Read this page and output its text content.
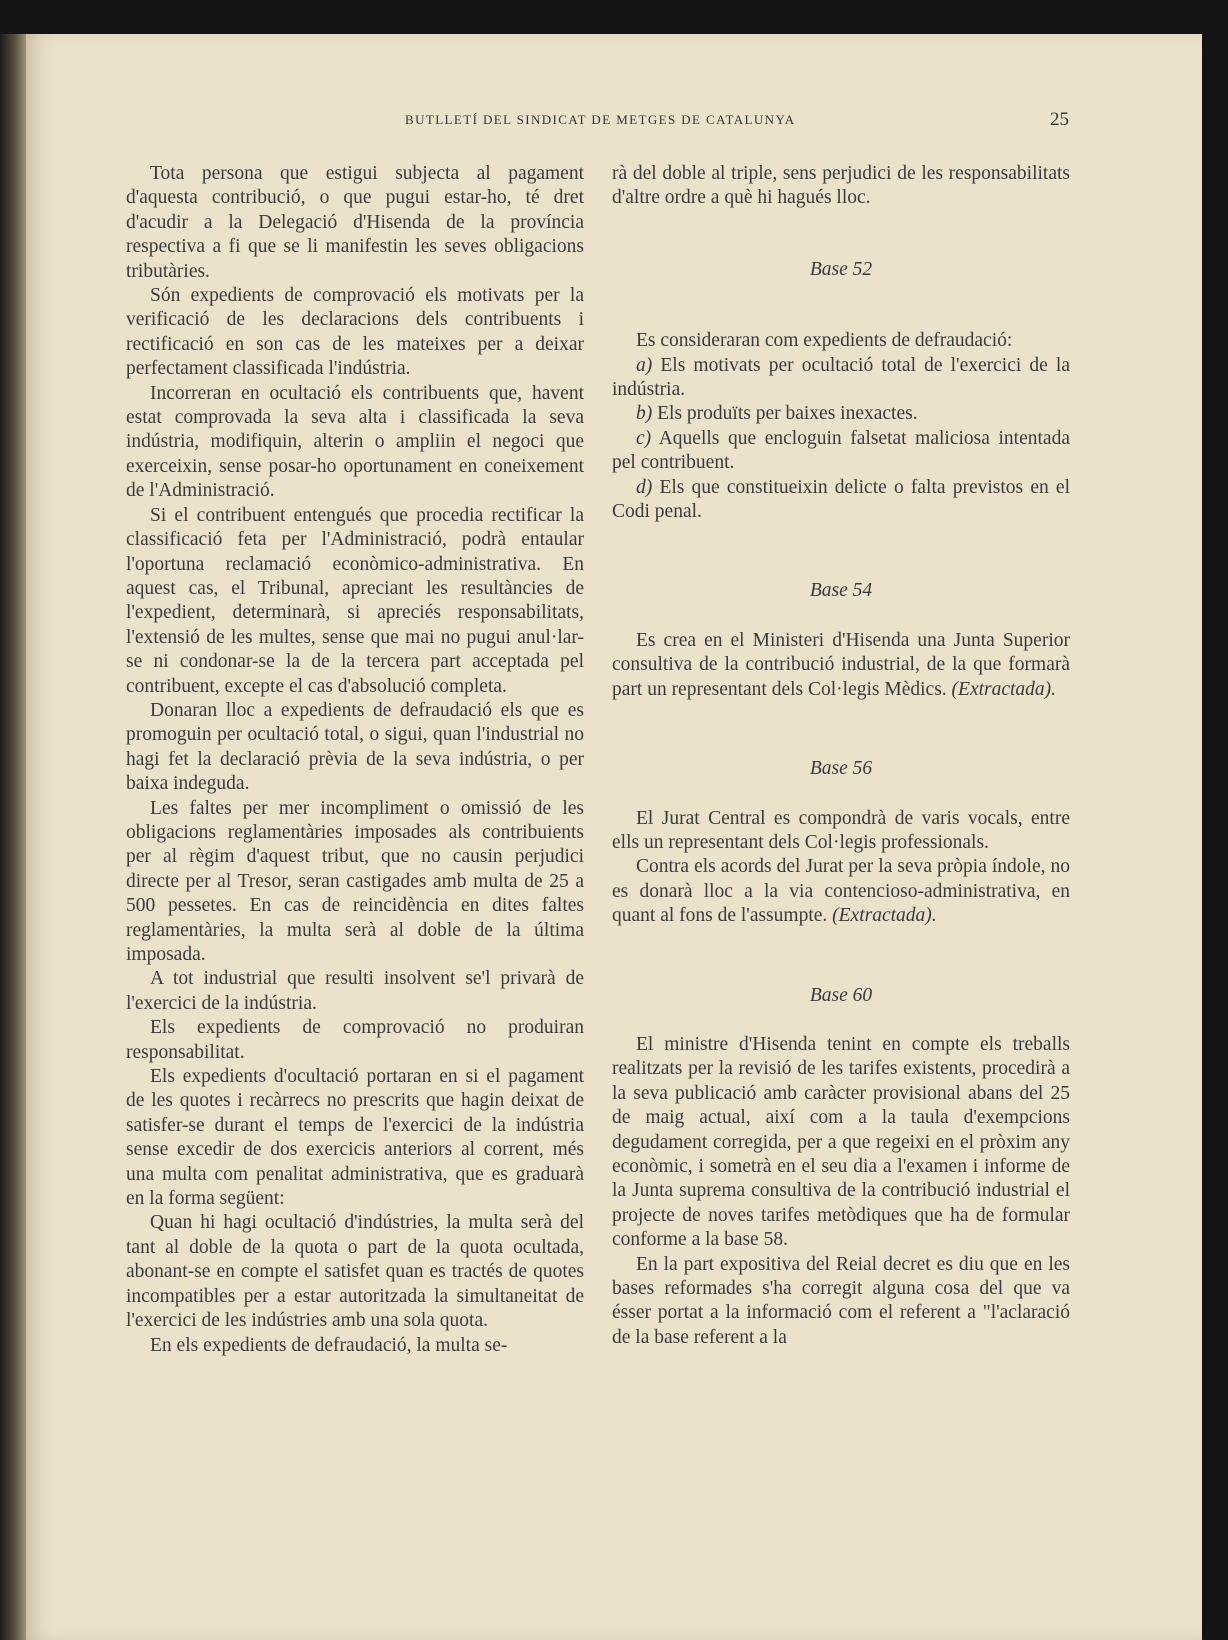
BUTLLETÍ DEL SINDICAT DE METGES DE CATALUNYA	25

Tota persona que estigui subjecta al pagament d'aquesta contribució, o que pugui estar-ho, té dret d'acudir a la Delegació d'Hisenda de la província respectiva a fi que se li manifestin les seves obligacions tributàries.

Són expedients de comprovació els motivats per la verificació de les declaracions dels contribuents i rectificació en son cas de les mateixes per a deixar perfectament classificada l'indústria.

Incorreran en ocultació els contribuents que, havent estat comprovada la seva alta i classificada la seva indústria, modifiquin, alterin o ampliin el negoci que exerceixin, sense posar-ho oportunament en coneixement de l'Administració.

Si el contribuent entengués que procedia rectificar la classificació feta per l'Administració, podrà entaular l'oportuna reclamació econòmico-administrativa. En aquest cas, el Tribunal, apreciant les resultàncies de l'expedient, determinarà, si apreciés responsabilitats, l'extensió de les multes, sense que mai no pugui anul·lar-se ni condonar-se la de la tercera part acceptada pel contribuent, excepte el cas d'absolució completa.

Donaran lloc a expedients de defraudació els que es promoguin per ocultació total, o sigui, quan l'industrial no hagi fet la declaració prèvia de la seva indústria, o per baixa indeguda.

Les faltes per mer incompliment o omissió de les obligacions reglamentàries imposades als contribuients per al règim d'aquest tribut, que no causin perjudici directe per al Tresor, seran castigades amb multa de 25 a 500 pessetes. En cas de reincidència en dites faltes reglamentàries, la multa serà al doble de la última imposada.

A tot industrial que resulti insolvent se'l privarà de l'exercici de la indústria.

Els expedients de comprovació no produiran responsabilitat.

Els expedients d'ocultació portaran en si el pagament de les quotes i recàrrecs no prescrits que hagin deixat de satisfer-se durant el temps de l'exercici de la indústria sense excedir de dos exercicis anteriors al corrent, més una multa com penalitat administrativa, que es graduarà en la forma següent:

Quan hi hagi ocultació d'indústries, la multa serà del tant al doble de la quota o part de la quota ocultada, abonant-se en compte el satisfet quan es tractés de quotes incompatibles per a estar autoritzada la simultaneitat de l'exercici de les indústries amb una sola quota.

En els expedients de defraudació, la multa se-

rà del doble al triple, sens perjudici de les responsabilitats d'altre ordre a què hi hagués lloc.

Base 52

Es consideraran com expedients de defraudació:

a) Els motivats per ocultació total de l'exercici de la indústria.

b) Els produïts per baixes inexactes.

c) Aquells que encloguin falsetat maliciosa intentada pel contribuent.

d) Els que constitueixin delicte o falta previstos en el Codi penal.

Base 54

Es crea en el Ministeri d'Hisenda una Junta Superior consultiva de la contribució industrial, de la que formarà part un representant dels Col·legis Mèdics. (Extractada).

Base 56

El Jurat Central es compondrà de varis vocals, entre ells un representant dels Col·legis professionals.

Contra els acords del Jurat per la seva pròpia índole, no es donarà lloc a la via contencioso-administrativa, en quant al fons de l'assumpte. (Extractada).

Base 60

El ministre d'Hisenda tenint en compte els treballs realitzats per la revisió de les tarifes existents, procedirà a la seva publicació amb caràcter provisional abans del 25 de maig actual, així com a la taula d'exempcions degudament corregida, per a que regeixi en el pròxim any econòmic, i sometrà en el seu dia a l'examen i informe de la Junta suprema consultiva de la contribució industrial el projecte de noves tarifes metòdiques que ha de formular conforme a la base 58.

En la part expositiva del Reial decret es diu que en les bases reformades s'ha corregit alguna cosa del que va ésser portat a la informació com el referent a "l'aclaració de la base referent a la
